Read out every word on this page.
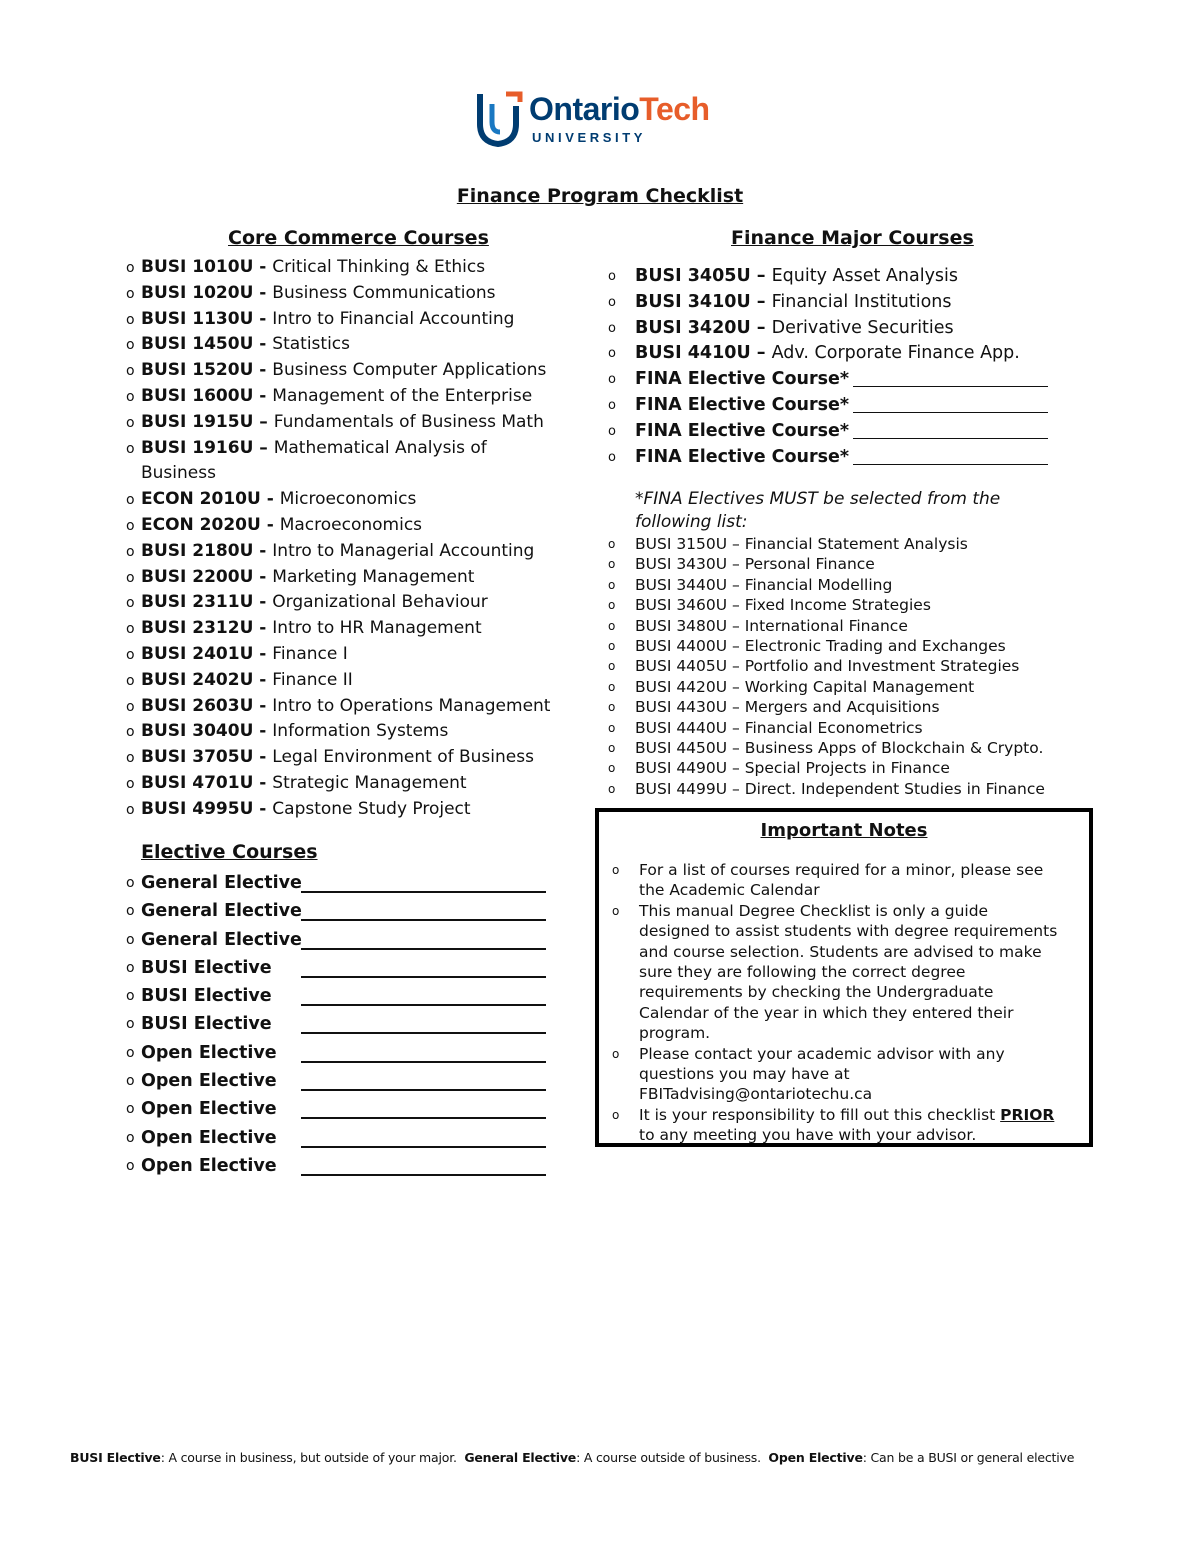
OntarioTech
UNIVERSITY
Finance Program Checklist
Core Commerce Courses	Finance Major Courses
o BUSI 1010U - Critical Thinking & Ethics
o BUSI 1020U - Business Communications
o BUSI 1130U - Intro to Financial Accounting
o BUSI 1450U - Statistics
o BUSI 1520U - Business Computer Applications
o BUSI 1600U - Management of the Enterprise
o BUSI 1915U – Fundamentals of Business Math
o BUSI 1916U – Mathematical Analysis of Business
o ECON 2010U - Microeconomics
o ECON 2020U - Macroeconomics
o BUSI 2180U - Intro to Managerial Accounting
o BUSI 2200U - Marketing Management
o BUSI 2311U - Organizational Behaviour
o BUSI 2312U - Intro to HR Management
o BUSI 2401U - Finance I
o BUSI 2402U - Finance II
o BUSI 2603U - Intro to Operations Management
o BUSI 3040U - Information Systems
o BUSI 3705U - Legal Environment of Business
o BUSI 4701U - Strategic Management
o BUSI 4995U - Capstone Study Project
Elective Courses
o General Elective
o General Elective
o General Elective
o BUSI Elective
o BUSI Elective
o BUSI Elective
o Open Elective
o Open Elective
o Open Elective
o Open Elective
o Open Elective
o BUSI 3405U – Equity Asset Analysis
o BUSI 3410U – Financial Institutions
o BUSI 3420U – Derivative Securities
o BUSI 4410U – Adv. Corporate Finance App.
o FINA Elective Course*
o FINA Elective Course*
o FINA Elective Course*
o FINA Elective Course*
*FINA Electives MUST be selected from the following list:
o BUSI 3150U – Financial Statement Analysis
o BUSI 3430U – Personal Finance
o BUSI 3440U – Financial Modelling
o BUSI 3460U – Fixed Income Strategies
o BUSI 3480U – International Finance
o BUSI 4400U – Electronic Trading and Exchanges
o BUSI 4405U – Portfolio and Investment Strategies
o BUSI 4420U – Working Capital Management
o BUSI 4430U – Mergers and Acquisitions
o BUSI 4440U – Financial Econometrics
o BUSI 4450U – Business Apps of Blockchain & Crypto.
o BUSI 4490U – Special Projects in Finance
o BUSI 4499U – Direct. Independent Studies in Finance
Important Notes
o For a list of courses required for a minor, please see the Academic Calendar
o This manual Degree Checklist is only a guide designed to assist students with degree requirements and course selection. Students are advised to make sure they are following the correct degree requirements by checking the Undergraduate Calendar of the year in which they entered their program.
o Please contact your academic advisor with any questions you may have at FBITadvising@ontariotechu.ca
o It is your responsibility to fill out this checklist PRIOR to any meeting you have with your advisor.
BUSI Elective: A course in business, but outside of your major. General Elective: A course outside of business. Open Elective: Can be a BUSI or general elective
